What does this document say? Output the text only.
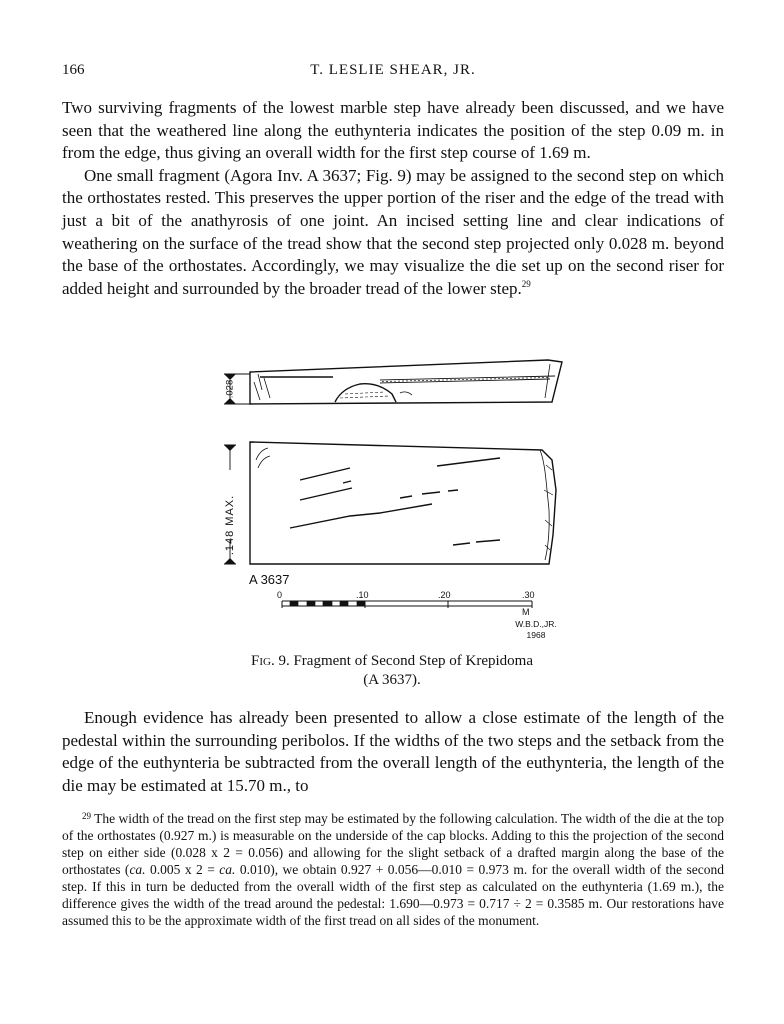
166	T. LESLIE SHEAR, JR.

Two surviving fragments of the lowest marble step have already been discussed, and we have seen that the weathered line along the euthynteria indicates the position of the step 0.09 m. in from the edge, thus giving an overall width for the first step course of 1.69 m.

One small fragment (Agora Inv. A 3637; Fig. 9) may be assigned to the second step on which the orthostates rested. This preserves the upper portion of the riser and the edge of the tread with just a bit of the anathyrosis of one joint. An incised setting line and clear indications of weathering on the surface of the tread show that the second step projected only 0.028 m. beyond the base of the orthostates. Accordingly, we may visualize the die set up on the second riser for added height and surrounded by the broader tread of the lower step.$^{29}$

.028
.148 MAX.
A 3637
0	.10	.20	.30
M
W.B.D.,JR.
1968
Fig. 9. Fragment of Second Step of Krepidoma
(A 3637).

Enough evidence has already been presented to allow a close estimate of the length of the pedestal within the surrounding peribolos. If the widths of the two steps and the setback from the edge of the euthynteria be subtracted from the overall length of the euthynteria, the length of the die may be estimated at 15.70 m., to

$^{29}$ The width of the tread on the first step may be estimated by the following calculation. The width of the die at the top of the orthostates (0.927 m.) is measurable on the underside of the cap blocks. Adding to this the projection of the second step on either side (0.028 x 2 = 0.056) and allowing for the slight setback of a drafted margin along the base of the orthostates (ca. 0.005 x 2 = ca. 0.010), we obtain 0.927 + 0.056—0.010 = 0.973 m. for the overall width of the second step. If this in turn be deducted from the overall width of the first step as calculated on the euthynteria (1.69 m.), the difference gives the width of the tread around the pedestal: 1.690—0.973 = 0.717 ÷ 2 = 0.3585 m. Our restorations have assumed this to be the approximate width of the first tread on all sides of the monument.
